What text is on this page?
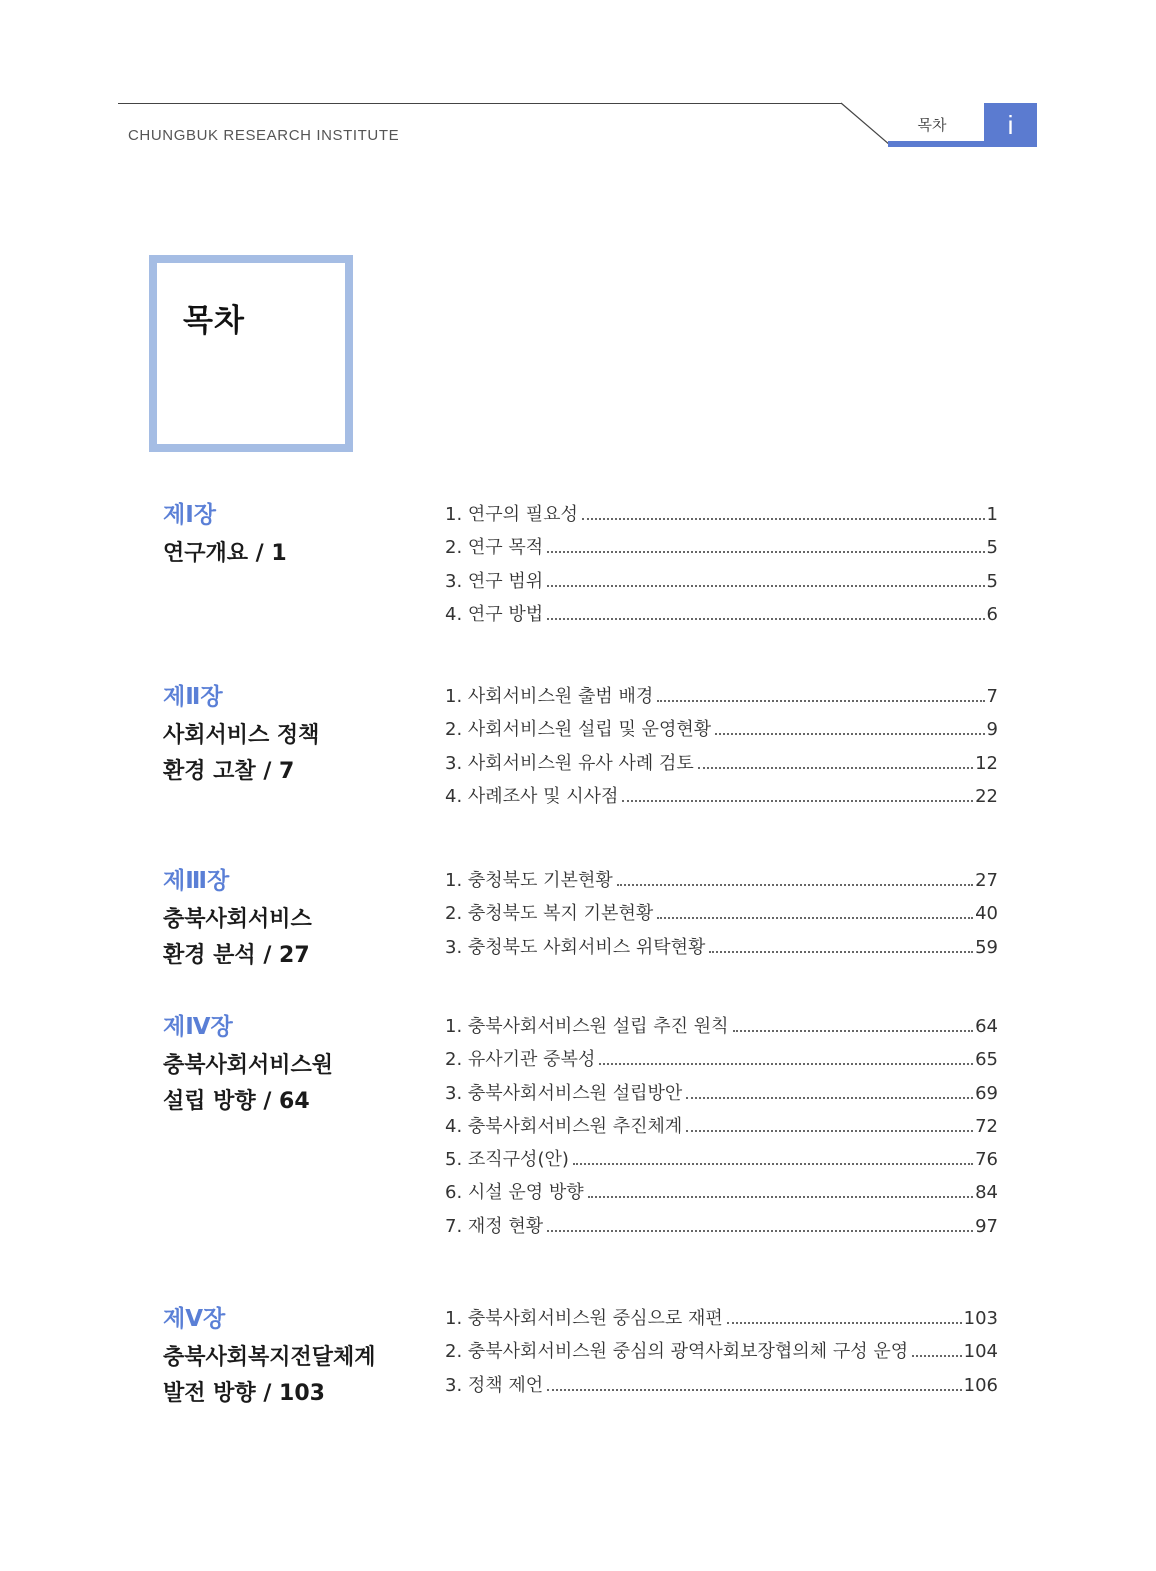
CHUNGBUK RESEARCH INSTITUTE
목차	i
목차
제Ⅰ장
연구개요 / 1
1. 연구의 필요성	1
2. 연구 목적	5
3. 연구 범위	5
4. 연구 방법	6
제Ⅱ장
사회서비스 정책
환경 고찰 / 7
1. 사회서비스원 출범 배경	7
2. 사회서비스원 설립 및 운영현황	9
3. 사회서비스원 유사 사례 검토	12
4. 사례조사 및 시사점	22
제Ⅲ장
충북사회서비스
환경 분석 / 27
1. 충청북도 기본현황	27
2. 충청북도 복지 기본현황	40
3. 충청북도 사회서비스 위탁현황	59
제Ⅳ장
충북사회서비스원
설립 방향 / 64
1. 충북사회서비스원 설립 추진 원칙	64
2. 유사기관 중복성	65
3. 충북사회서비스원 설립방안	69
4. 충북사회서비스원 추진체계	72
5. 조직구성(안)	76
6. 시설 운영 방향	84
7. 재정 현황	97
제Ⅴ장
충북사회복지전달체계
발전 방향 / 103
1. 충북사회서비스원 중심으로 재편	103
2. 충북사회서비스원 중심의 광역사회보장협의체 구성 운영	104
3. 정책 제언	106
